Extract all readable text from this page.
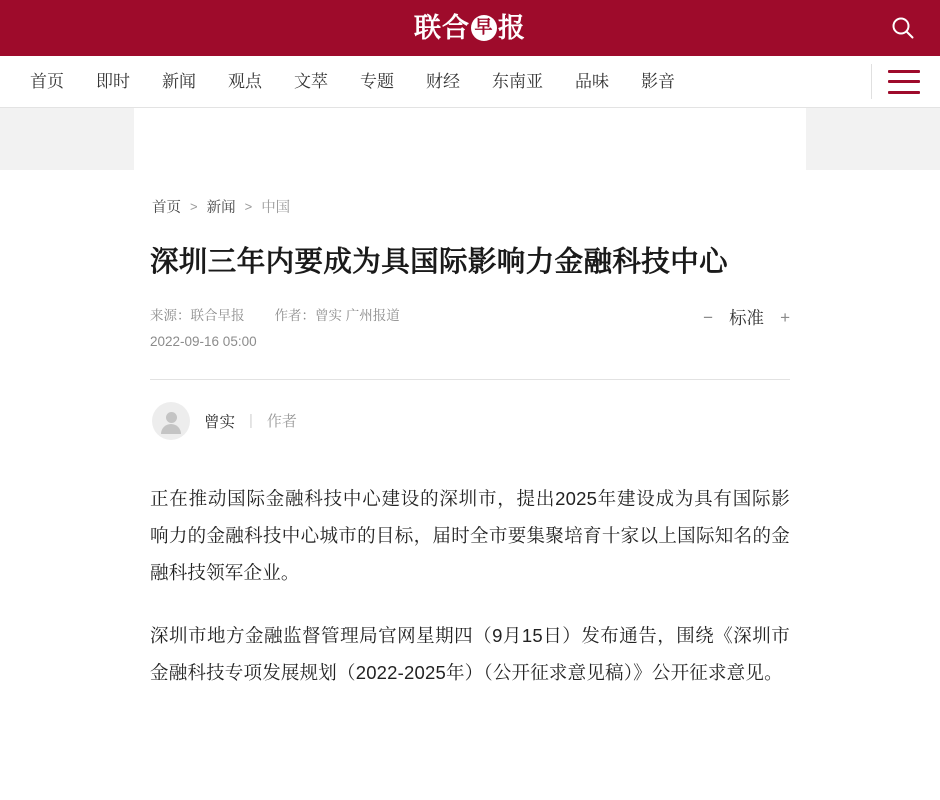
联合 早 报
首页	即时	新闻	观点	文萃	专题	财经	东南亚	品味	影音
首页 > 新闻 > 中国
深圳三年内要成为具国际影响力金融科技中心
来源：联合早报 作者：曾实 广州报道
2022-09-16 05:00
− 标准 +
曾实 | 作者

正在推动国际金融科技中心建设的深圳市，提出2025年建设成为具有国际影响力的金融科技中心城市的目标，届时全市要集聚培育十家以上国际知名的金融科技领军企业。

深圳市地方金融监督管理局官网星期四（9月15日）发布通告，围绕《深圳市金融科技专项发展规划（2022-2025年）（公开征求意见稿）》公开征求意见。
